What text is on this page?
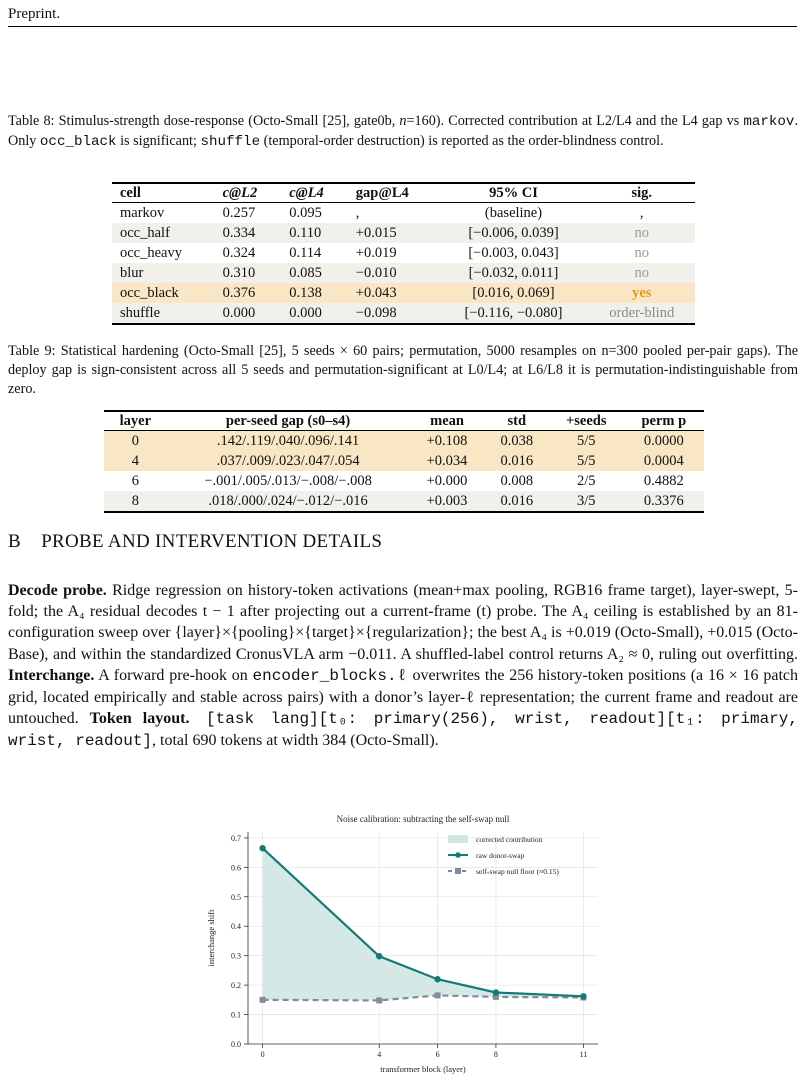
Preprint.
Table 8: Stimulus-strength dose-response (Octo-Small [25], gate0b, n=160). Corrected contribution at L2/L4 and the L4 gap vs markov. Only occ_black is significant; shuffle (temporal-order destruction) is reported as the order-blindness control.
cell	c@L2	c@L4	gap@L4	95% CI	sig.
markov	0.257	0.095	,	(baseline)	,
occ_half	0.334	0.110	+0.015	[−0.006, 0.039]	no
occ_heavy	0.324	0.114	+0.019	[−0.003, 0.043]	no
blur	0.310	0.085	−0.010	[−0.032, 0.011]	no
occ_black	0.376	0.138	+0.043	[0.016, 0.069]	yes
shuffle	0.000	0.000	−0.098	[−0.116, −0.080]	order-blind
Table 9: Statistical hardening (Octo-Small [25], 5 seeds × 60 pairs; permutation, 5000 resamples on n=300 pooled per-pair gaps). The deploy gap is sign-consistent across all 5 seeds and permutation-significant at L0/L4; at L6/L8 it is permutation-indistinguishable from zero.
layer	per-seed gap (s0–s4)	mean	std	+seeds	perm p
0	.142/.119/.040/.096/.141	+0.108	0.038	5/5	0.0000
4	.037/.009/.023/.047/.054	+0.034	0.016	5/5	0.0004
6	−.001/.005/.013/−.008/−.008	+0.000	0.008	2/5	0.4882
8	.018/.000/.024/−.012/−.016	+0.003	0.016	3/5	0.3376
B PROBE AND INTERVENTION DETAILS
Decode probe. Ridge regression on history-token activations (mean+max pooling, RGB16 frame target), layer-swept, 5-fold; the A₄ residual decodes t − 1 after projecting out a current-frame (t) probe. The A₄ ceiling is established by an 81-configuration sweep over {layer}×{pooling}×{target}×{regularization}; the best A₄ is +0.019 (Octo-Small), +0.015 (Octo-Base), and within the standardized CronusVLA arm −0.011. A shuffled-label control returns A₂ ≈ 0, ruling out overfitting. Interchange. A forward pre-hook on encoder_blocks.ℓ overwrites the 256 history-token positions (a 16 × 16 patch grid, located empirically and stable across pairs) with a donor’s layer-ℓ representation; the current frame and readout are untouched. Token layout. [task lang][t₀: primary(256), wrist, readout][t₁: primary, wrist, readout], total 690 tokens at width 384 (Octo-Small).
0.0
0.1
0.2
0.3
0.4
0.5
0.6
0.7
0	4	6	8	11
Noise calibration: subtracting the self-swap null
transformer block (layer)
interchange shift
corrected contribution
raw donor-swap
self-swap null floor (≈0.15)
